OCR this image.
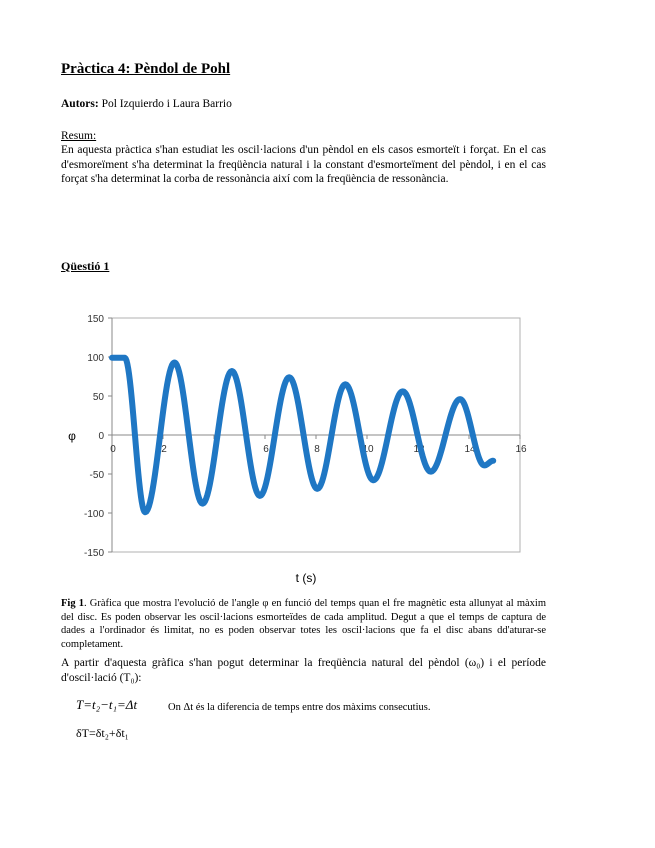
Pràctica 4: Pèndol de Pohl
Autors: Pol Izquierdo i Laura Barrio
Resum:
En aquesta pràctica s'han estudiat les oscil·lacions d'un pèndol en els casos esmorteït i forçat. En el cas d'esmoreïment s'ha determinat la freqüència natural i la constant d'esmorteïment del pèndol, i en el cas forçat s'ha determinat la corba de ressonància així com la freqüència de ressonància.
Qüestió 1
-150
-100
-50
0
50
100
150
0	2	4	6	8	10	12	14	16
t (s)
φ
Fig 1. Gràfica que mostra l'evolució de l'angle φ en funció del temps quan el fre magnètic esta allunyat al màxim del disc. Es poden observar les oscil·lacions esmorteïdes de cada amplitud. Degut a que el temps de captura de dades a l'ordinador és limitat, no es poden observar totes les oscil·lacions que fa el disc abans dd'aturar-se completament.
A partir d'aquesta gràfica s'han pogut determinar la freqüència natural del pèndol (ω₀) i el període d'oscil·lació (T₀):
T=t₂−t₁=Δt	On Δt és la diferencia de temps entre dos màxims consecutius.
δT=δt₂+δt₁
